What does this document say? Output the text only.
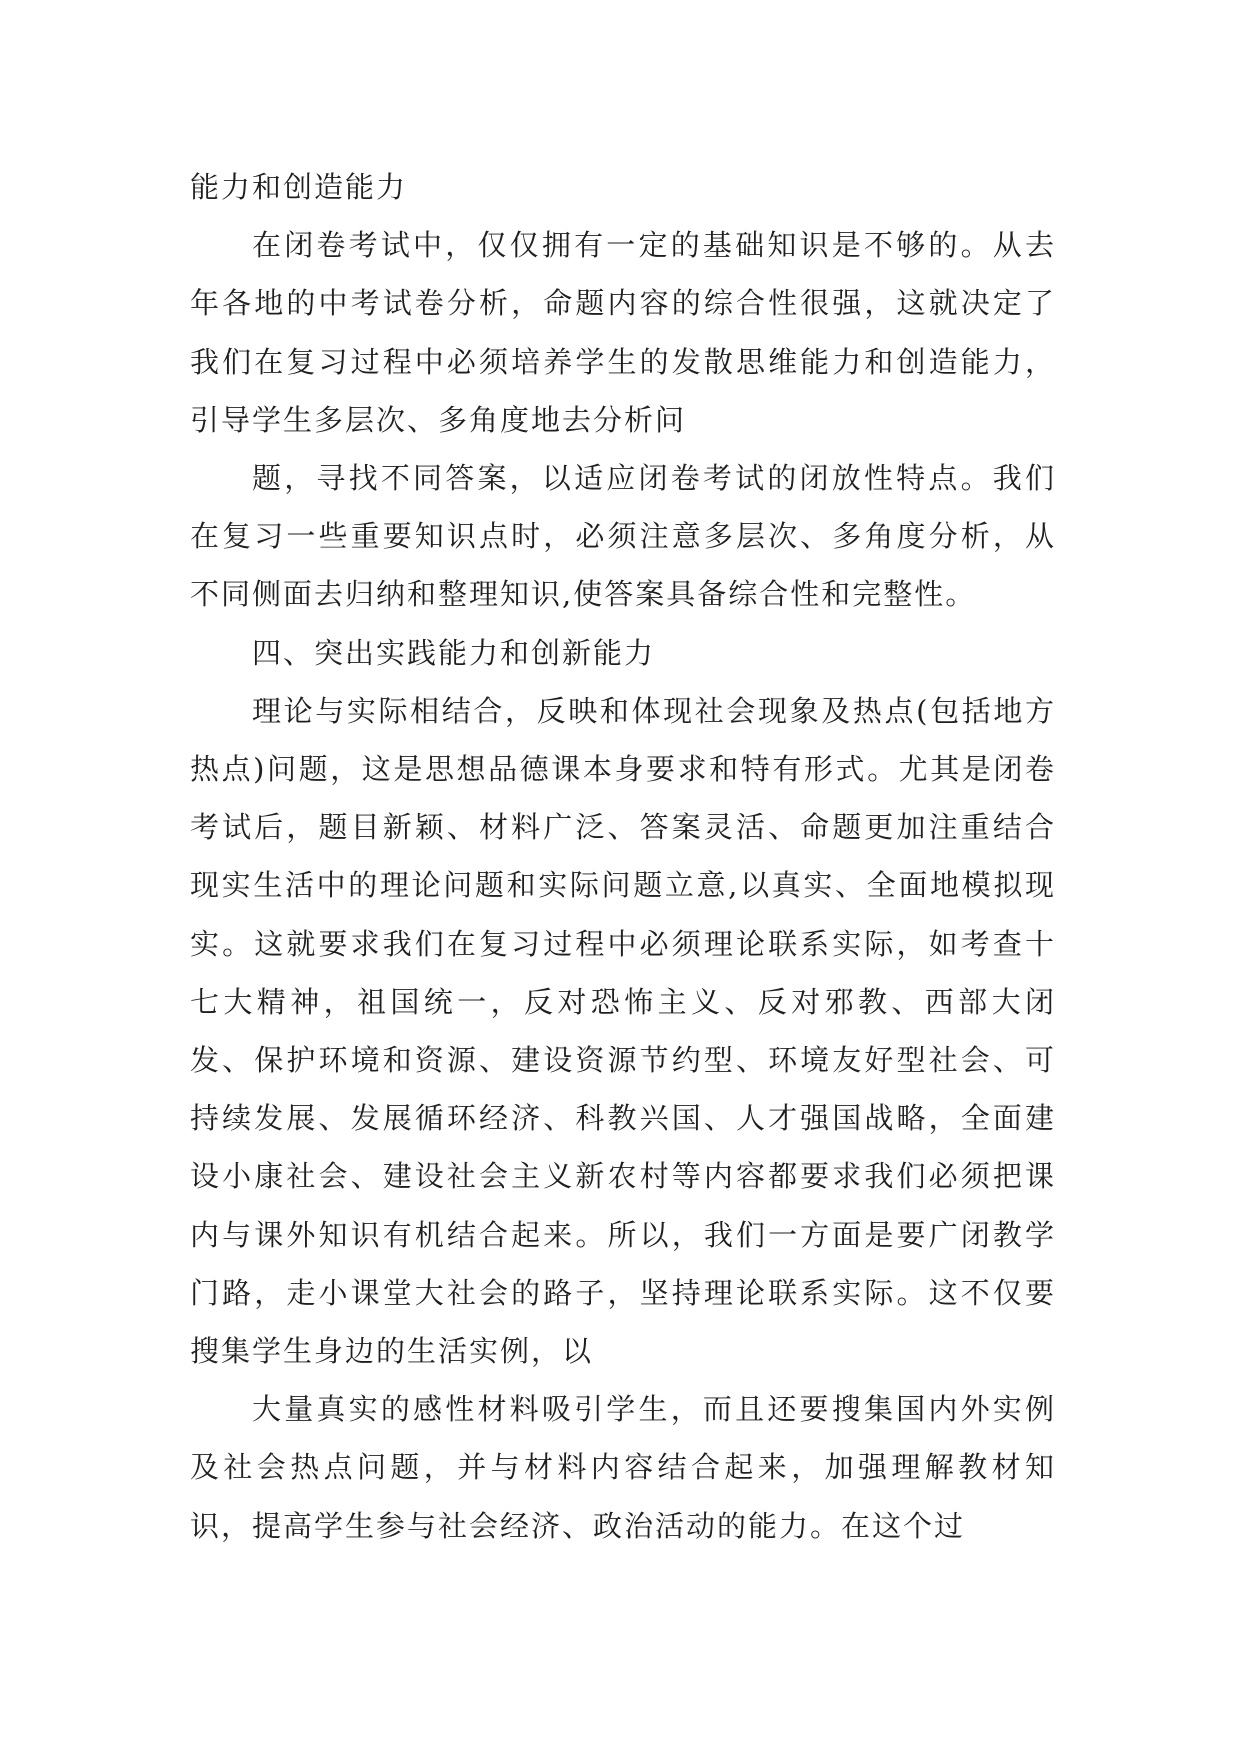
能力和创造能力

在闭卷考试中，仅仅拥有一定的基础知识是不够的。从去年各地的中考试卷分析，命题内容的综合性很强，这就决定了我们在复习过程中必须培养学生的发散思维能力和创造能力，引导学生多层次、多角度地去分析问

题，寻找不同答案，以适应闭卷考试的闭放性特点。我们在复习一些重要知识点时，必须注意多层次、多角度分析，从不同侧面去归纳和整理知识,使答案具备综合性和完整性。

四、突出实践能力和创新能力

理论与实际相结合，反映和体现社会现象及热点(包括地方热点)问题，这是思想品德课本身要求和特有形式。尤其是闭卷考试后，题目新颖、材料广泛、答案灵活、命题更加注重结合现实生活中的理论问题和实际问题立意,以真实、全面地模拟现实。这就要求我们在复习过程中必须理论联系实际，如考查十七大精神，祖国统一，反对恐怖主义、反对邪教、西部大闭发、保护环境和资源、建设资源节约型、环境友好型社会、可持续发展、发展循环经济、科教兴国、人才强国战略，全面建设小康社会、建设社会主义新农村等内容都要求我们必须把课内与课外知识有机结合起来。所以，我们一方面是要广闭教学门路，走小课堂大社会的路子，坚持理论联系实际。这不仅要搜集学生身边的生活实例，以

大量真实的感性材料吸引学生，而且还要搜集国内外实例及社会热点问题，并与材料内容结合起来，加强理解教材知识，提高学生参与社会经济、政治活动的能力。在这个过
